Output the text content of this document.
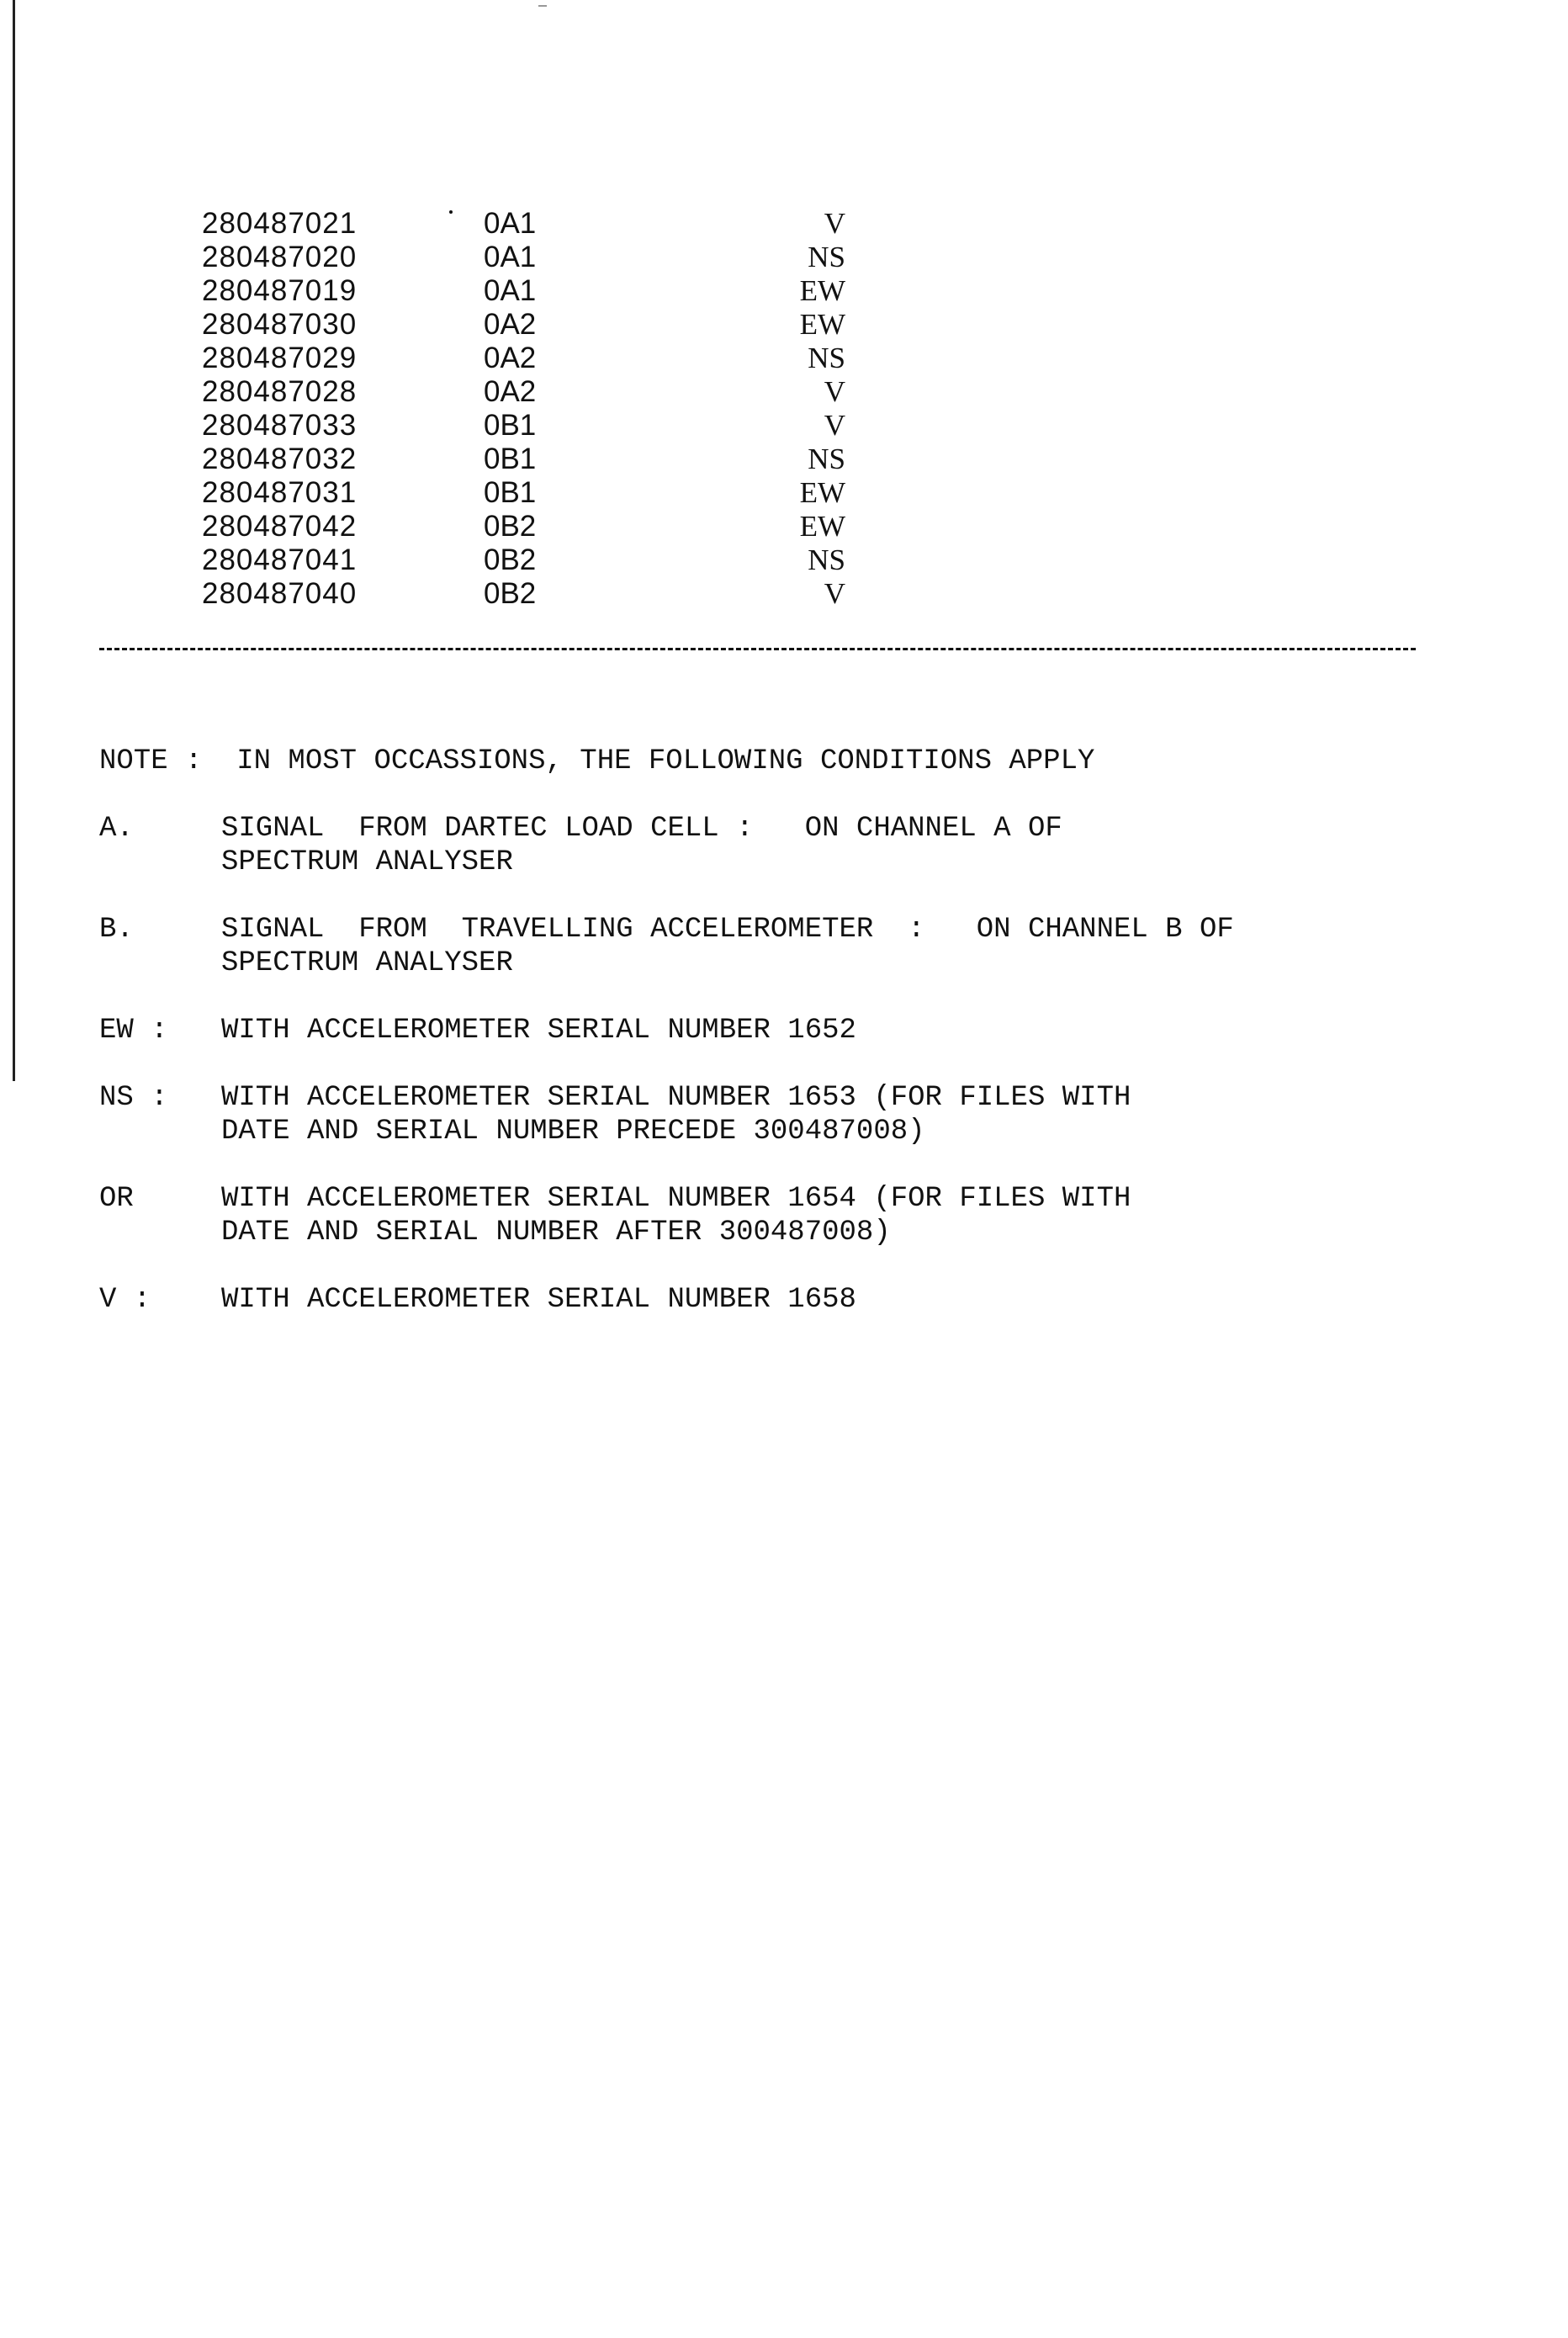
280487021	0A1	V
280487020	0A1	NS
280487019	0A1	EW
280487030	0A2	EW
280487029	0A2	NS
280487028	0A2	V
280487033	0B1	V
280487032	0B1	NS
280487031	0B1	EW
280487042	0B2	EW
280487041	0B2	NS
280487040	0B2	V
NOTE :  IN MOST OCCASSIONS, THE FOLLOWING CONDITIONS APPLY
A.	SIGNAL  FROM DARTEC LOAD CELL :   ON CHANNEL A OF
SPECTRUM ANALYSER
B.	SIGNAL  FROM  TRAVELLING ACCELEROMETER  :   ON CHANNEL B OF
SPECTRUM ANALYSER
EW :	WITH ACCELEROMETER SERIAL NUMBER 1652
NS :	WITH ACCELEROMETER SERIAL NUMBER 1653 (FOR FILES WITH
DATE AND SERIAL NUMBER PRECEDE 300487008)
OR	WITH ACCELEROMETER SERIAL NUMBER 1654 (FOR FILES WITH
DATE AND SERIAL NUMBER AFTER 300487008)
V :	WITH ACCELEROMETER SERIAL NUMBER 1658
